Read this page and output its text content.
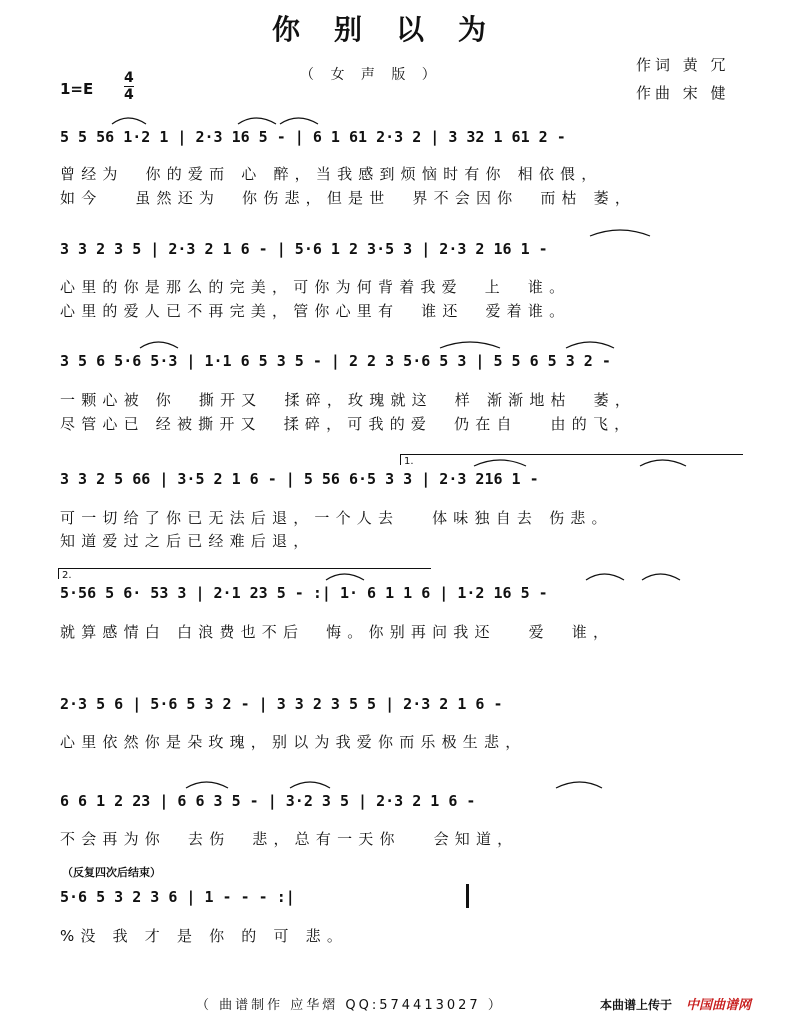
你别以为
（ 女 声 版 ）
1=E
4
4
作词 黄 冗
作曲 宋 健
5 5 56 1·2 1 | 2·3 16 5 - | 6 1 61 2·3 2 | 3 32 1 61 2 -
曾经为  你的爱而 心 醉，当我感到烦恼时有你 相依偎，
如今   虽然还为  你伤悲，但是世  界不会因你  而枯 萎，
3 3 2 3 5 | 2·3 2 1 6 - | 5·6 1 2 3·5 3 | 2·3 2 16 1 -
心里的你是那么的完美，可你为何背着我爱  上  谁。
心里的爱人已不再完美，管你心里有  谁还  爱着谁。
3 5 6 5·6 5·3 | 1·1 6 5 3 5 - | 2 2 3 5·6 5 3 | 5 5 6 5 3 2 -
一颗心被 你  撕开又  揉碎，玫瑰就这  样 渐渐地枯  萎，
尽管心已 经被撕开又  揉碎，可我的爱  仍在自   由的飞，
1.
3 3 2 5 66 | 3·5 2 1 6 - | 5 56 6·5 3 3 | 2·3 216 1 -
可一切给了你已无法后退，一个人去   体味独自去 伤悲。
知道爱过之后已经难后退，
2.
5·56 5 6· 53 3 | 2·1 23 5 - :| 1· 6 1 1 6 | 1·2 16 5 -
就算感情白 白浪费也不后  悔。你别再问我还   爱  谁，
2·3 5 6 | 5·6 5 3 2 - | 3 3 2 3 5 5 | 2·3 2 1 6 -
心里依然你是朵玫瑰，别以为我爱你而乐极生悲，
6 6 1 2 23 | 6 6 3 5 - | 3·2 3 5 | 2·3 2 1 6 -
不会再为你  去伤  悲，总有一天你   会知道，
（反复四次后结束）
5·6 5 3 2 3 6 | 1 - - - :|
%没 我 才 是 你 的 可 悲。
（ 曲谱制作 应华熠 QQ:574413027 ）	本曲谱上传于 中国曲谱网
